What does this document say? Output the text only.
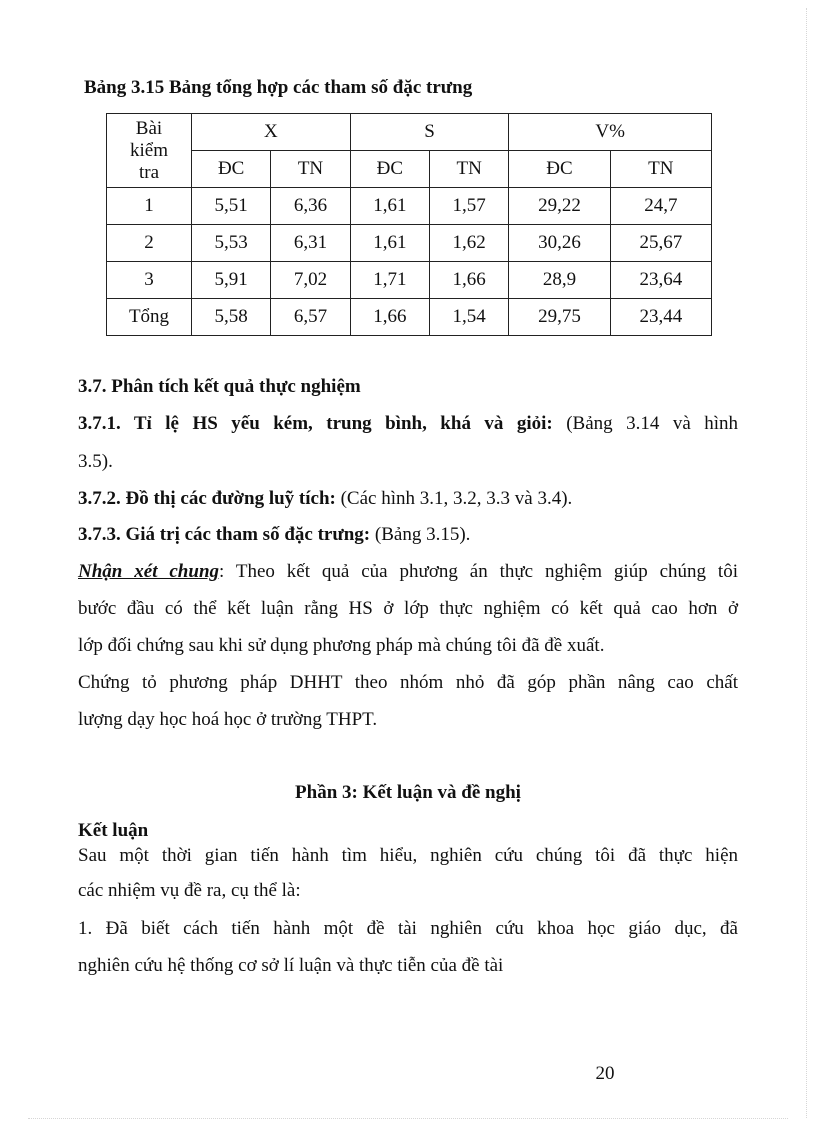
Bảng 3.15 Bảng tổng hợp các tham số đặc trưng
Bài
kiểm
tra	X		S		V%	
	ĐC	TN	ĐC	TN	ĐC	TN
1	5,51	6,36	1,61	1,57	29,22	24,7
2	5,53	6,31	1,61	1,62	30,26	25,67
3	5,91	7,02	1,71	1,66	28,9	23,64
Tổng	5,58	6,57	1,66	1,54	29,75	23,44
3.7. Phân tích kết quả thực nghiệm
3.7.1. Tỉ lệ HS yếu kém, trung bình, khá và giỏi: (Bảng 3.14 và hình
3.5).
3.7.2. Đồ thị các đường luỹ tích: (Các hình 3.1, 3.2, 3.3 và 3.4).
3.7.3. Giá trị các tham số đặc trưng: (Bảng 3.15).
Nhận xét chung: Theo kết quả của phương án thực nghiệm giúp chúng tôi
bước đầu có thể kết luận rằng HS ở lớp thực nghiệm có kết quả cao hơn ở
lớp đối chứng sau khi sử dụng phương pháp mà chúng tôi đã đề xuất.
Chứng tỏ phương pháp DHHT theo nhóm nhỏ đã góp phần nâng cao chất
lượng dạy học hoá học ở trường THPT.
Phần 3: Kết luận và đề nghị
Kết luận
Sau một thời gian tiến hành tìm hiểu, nghiên cứu chúng tôi đã thực hiện
các nhiệm vụ đề ra, cụ thể là:
1. Đã biết cách tiến hành một đề tài nghiên cứu khoa học giáo dục, đã
nghiên cứu hệ thống cơ sở lí luận và thực tiễn của đề tài
20
